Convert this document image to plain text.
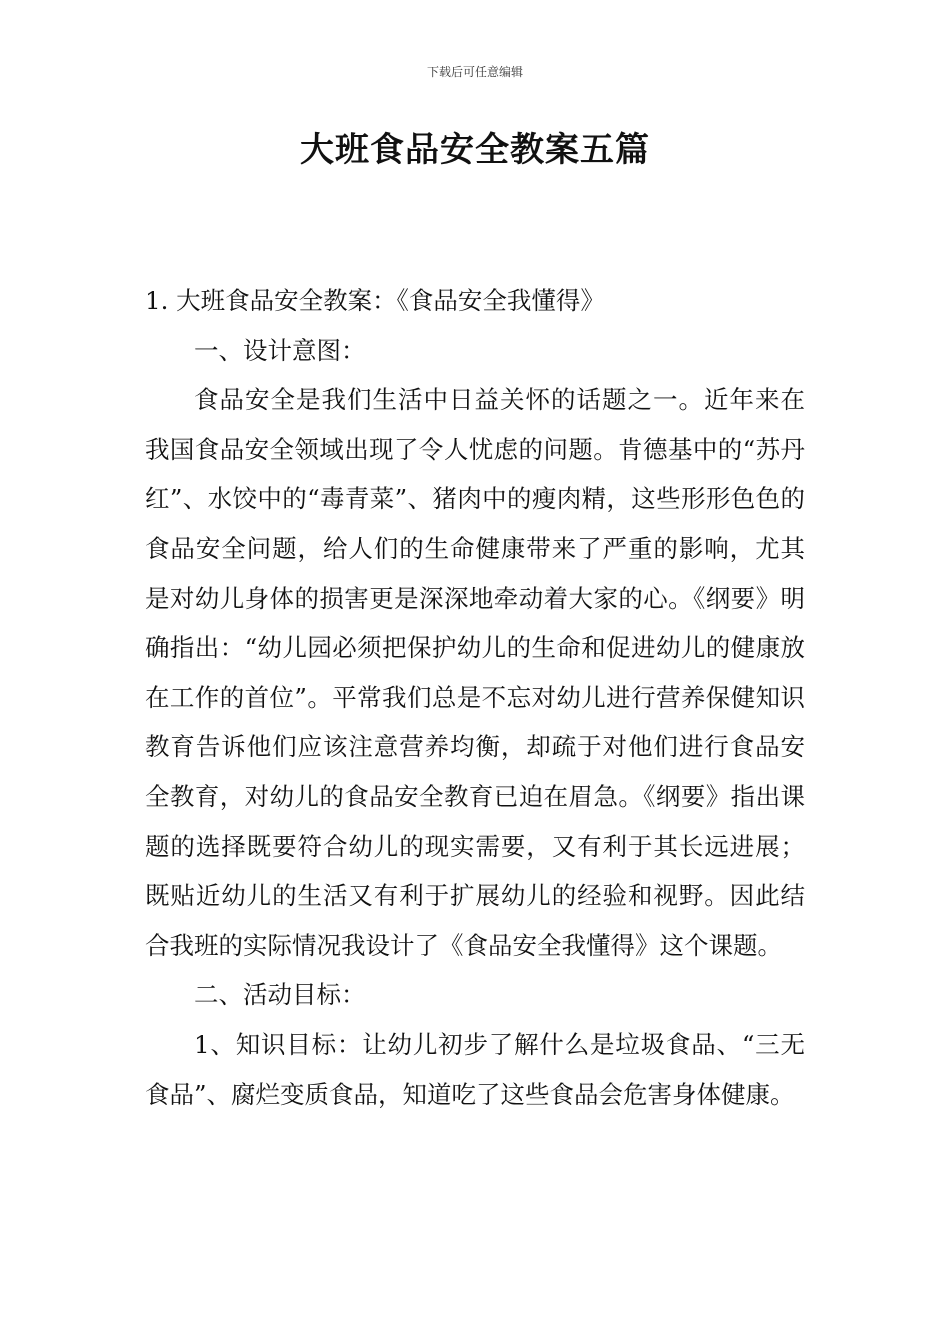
下载后可任意编辑
大班食品安全教案五篇

1. 大班食品安全教案：《食品安全我懂得》

一、设计意图：

食品安全是我们生活中日益关怀的话题之一。近年来在我国食品安全领域出现了令人忧虑的问题。肯德基中的“苏丹红”、水饺中的“毒青菜”、猪肉中的瘦肉精，这些形形色色的食品安全问题，给人们的生命健康带来了严重的影响，尤其是对幼儿身体的损害更是深深地牵动着大家的心。《纲要》明确指出：“幼儿园必须把保护幼儿的生命和促进幼儿的健康放在工作的首位”。平常我们总是不忘对幼儿进行营养保健知识教育告诉他们应该注意营养均衡，却疏于对他们进行食品安全教育，对幼儿的食品安全教育已迫在眉急。《纲要》指出课题的选择既要符合幼儿的现实需要，又有利于其长远进展；既贴近幼儿的生活又有利于扩展幼儿的经验和视野。因此结合我班的实际情况我设计了《食品安全我懂得》这个课题。

二、活动目标：

1、知识目标：让幼儿初步了解什么是垃圾食品、“三无食品”、腐烂变质食品，知道吃了这些食品会危害身体健康。
